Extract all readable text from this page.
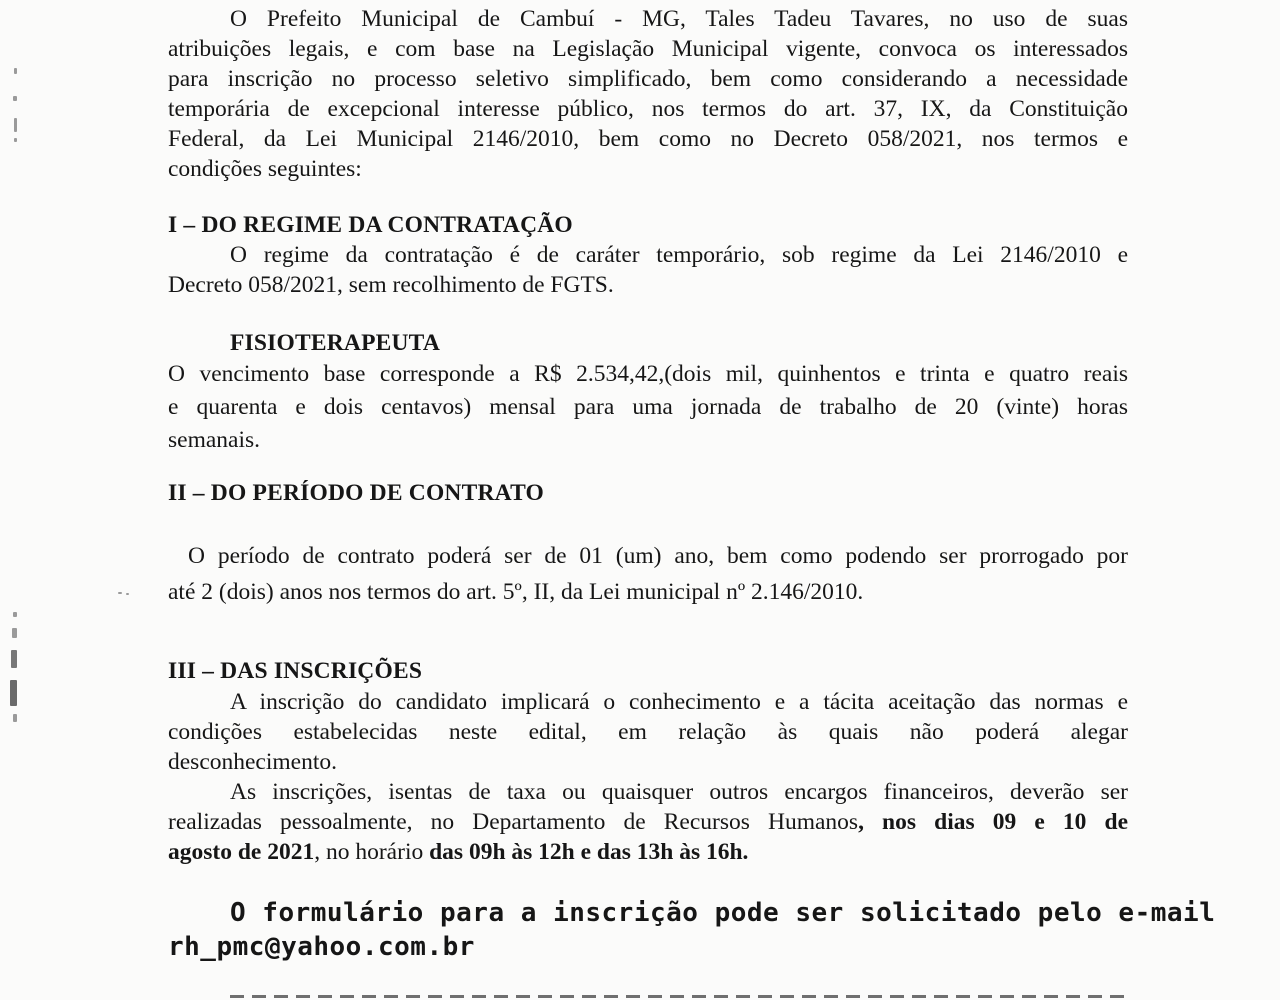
O Prefeito Municipal de Cambuí - MG, Tales Tadeu Tavares, no uso de suas

atribuições legais, e com base na Legislação Municipal vigente, convoca os interessados

para inscrição no processo seletivo simplificado, bem como considerando a necessidade

temporária de excepcional interesse público, nos termos do art. 37, IX, da Constituição

Federal, da Lei Municipal 2146/2010, bem como no Decreto 058/2021, nos termos e

condições seguintes:

I – DO REGIME DA CONTRATAÇÃO

O regime da contratação é de caráter temporário, sob regime da Lei 2146/2010 e

Decreto 058/2021, sem recolhimento de FGTS.

FISIOTERAPEUTA

O vencimento base corresponde a R$ 2.534,42,(dois mil, quinhentos e trinta e quatro reais

e quarenta e dois centavos) mensal para uma jornada de trabalho de 20 (vinte) horas

semanais.

II – DO PERÍODO DE CONTRATO

O período de contrato poderá ser de 01 (um) ano, bem como podendo ser prorrogado por

até 2 (dois) anos nos termos do art. 5º, II, da Lei municipal nº 2.146/2010.

III – DAS INSCRIÇÕES

A inscrição do candidato implicará o conhecimento e a tácita aceitação das normas e

condições estabelecidas neste edital, em relação às quais não poderá alegar

desconhecimento.

As inscrições, isentas de taxa ou quaisquer outros encargos financeiros, deverão ser

realizadas pessoalmente, no Departamento de Recursos Humanos, nos dias 09 e 10 de

agosto de 2021, no horário das 09h às 12h e das 13h às 16h.

O formulário para a inscrição pode ser solicitado pelo e-mail

rh_pmc@yahoo.com.br
